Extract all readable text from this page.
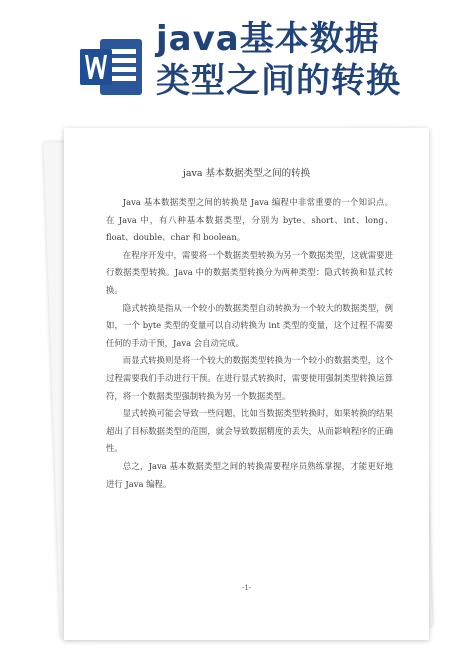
java基本数据
类型之间的转换
java 基本数据类型之间的转换

Java 基本数据类型之间的转换是 Java 编程中非常重要的一个知识点。在 Java 中，有八种基本数据类型，分别为 byte、short、int、long、float、double、char 和 boolean。

在程序开发中，需要将一个数据类型转换为另一个数据类型，这就需要进行数据类型转换。Java 中的数据类型转换分为两种类型：隐式转换和显式转换。

隐式转换是指从一个较小的数据类型自动转换为一个较大的数据类型，例如，一个 byte 类型的变量可以自动转换为 int 类型的变量，这个过程不需要任何的手动干预，Java 会自动完成。

而显式转换则是将一个较大的数据类型转换为一个较小的数据类型，这个过程需要我们手动进行干预。在进行显式转换时，需要使用强制类型转换运算符，将一个数据类型强制转换为另一个数据类型。

显式转换可能会导致一些问题，比如当数据类型转换时，如果转换的结果超出了目标数据类型的范围，就会导致数据精度的丢失，从而影响程序的正确性。

总之，Java 基本数据类型之间的转换需要程序员熟练掌握，才能更好地进行 Java 编程。

-1-
